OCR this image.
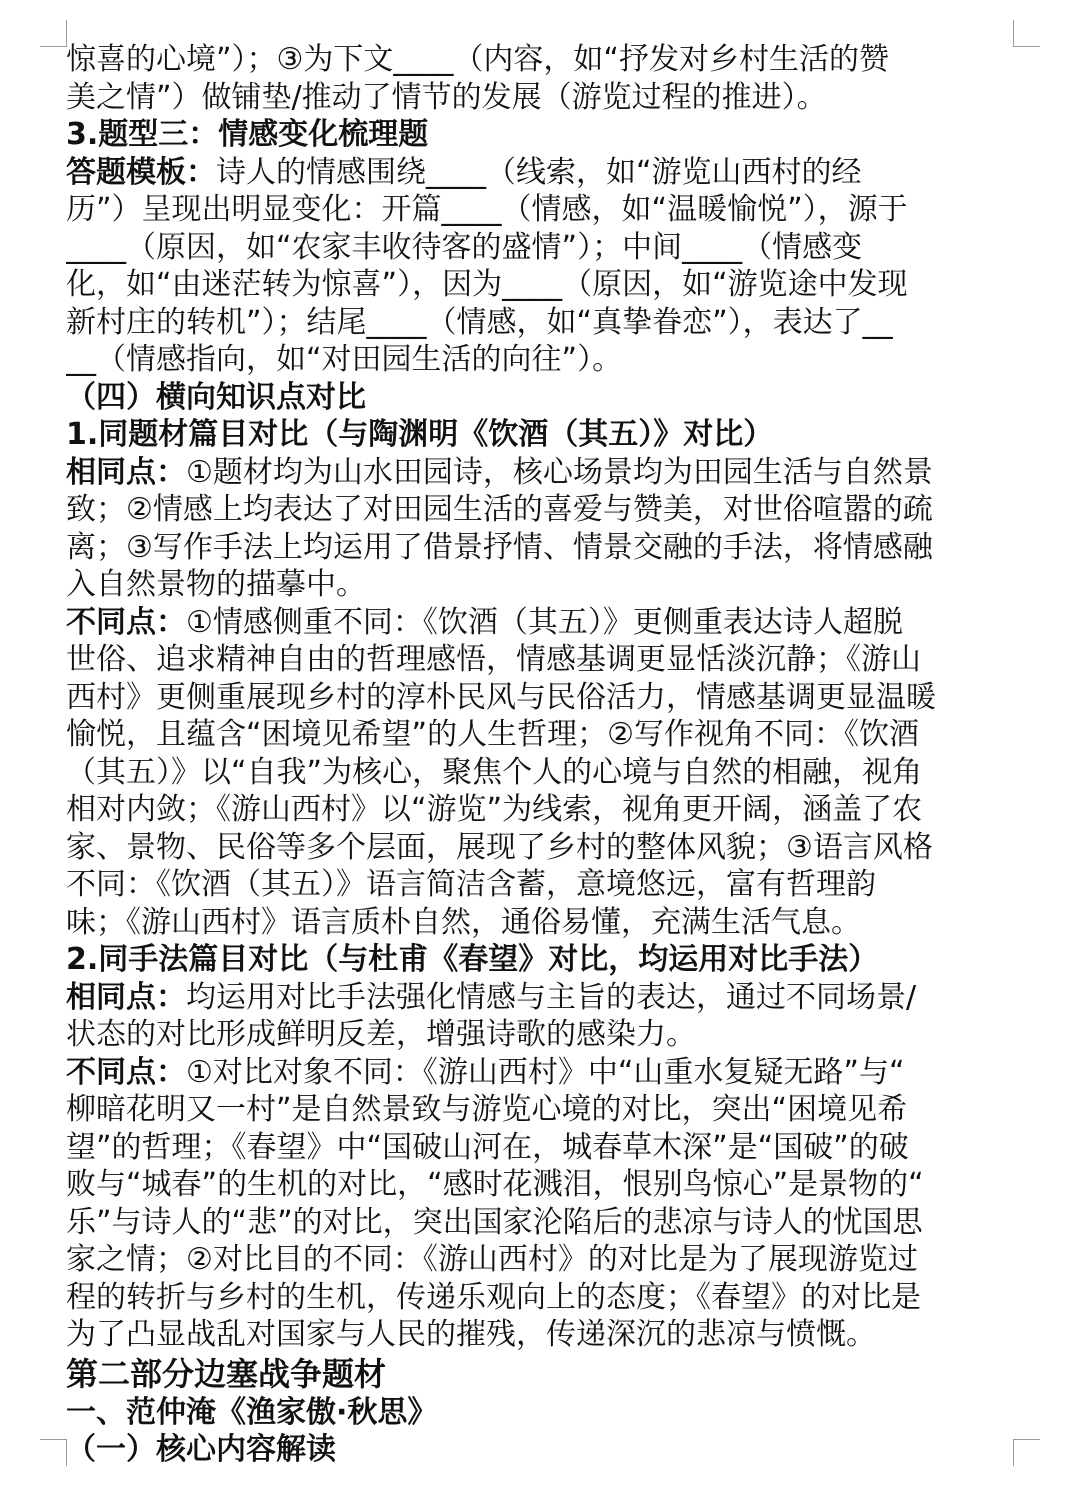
惊喜的心境”）；③为下文____（内容，如“抒发对乡村生活的赞
美之情”）做铺垫/推动了情节的发展（游览过程的推进）。
3.题型三：情感变化梳理题
答题模板：诗人的情感围绕____（线索，如“游览山西村的经
历”）呈现出明显变化：开篇____（情感，如“温暖愉悦”），源于
____（原因，如“农家丰收待客的盛情”）；中间____（情感变
化，如“由迷茫转为惊喜”），因为____（原因，如“游览途中发现
新村庄的转机”）；结尾____（情感，如“真挚眷恋”），表达了__
__（情感指向，如“对田园生活的向往”）。
（四）横向知识点对比
1.同题材篇目对比（与陶渊明《饮酒（其五）》对比）
相同点：①题材均为山水田园诗，核心场景均为田园生活与自然景
致；②情感上均表达了对田园生活的喜爱与赞美，对世俗喧嚣的疏
离；③写作手法上均运用了借景抒情、情景交融的手法，将情感融
入自然景物的描摹中。
不同点：①情感侧重不同：《饮酒（其五）》更侧重表达诗人超脱
世俗、追求精神自由的哲理感悟，情感基调更显恬淡沉静；《游山
西村》更侧重展现乡村的淳朴民风与民俗活力，情感基调更显温暖
愉悦，且蕴含“困境见希望”的人生哲理；②写作视角不同：《饮酒
（其五）》以“自我”为核心，聚焦个人的心境与自然的相融，视角
相对内敛；《游山西村》以“游览”为线索，视角更开阔，涵盖了农
家、景物、民俗等多个层面，展现了乡村的整体风貌；③语言风格
不同：《饮酒（其五）》语言简洁含蓄，意境悠远，富有哲理韵
味；《游山西村》语言质朴自然，通俗易懂，充满生活气息。
2.同手法篇目对比（与杜甫《春望》对比，均运用对比手法）
相同点：均运用对比手法强化情感与主旨的表达，通过不同场景/
状态的对比形成鲜明反差，增强诗歌的感染力。
不同点：①对比对象不同：《游山西村》中“山重水复疑无路”与“
柳暗花明又一村”是自然景致与游览心境的对比，突出“困境见希
望”的哲理；《春望》中“国破山河在，城春草木深”是“国破”的破
败与“城春”的生机的对比，“感时花溅泪，恨别鸟惊心”是景物的“
乐”与诗人的“悲”的对比，突出国家沦陷后的悲凉与诗人的忧国思
家之情；②对比目的不同：《游山西村》的对比是为了展现游览过
程的转折与乡村的生机，传递乐观向上的态度；《春望》的对比是
为了凸显战乱对国家与人民的摧残，传递深沉的悲凉与愤慨。
第二部分边塞战争题材
一、范仲淹《渔家傲·秋思》
（一）核心内容解读
